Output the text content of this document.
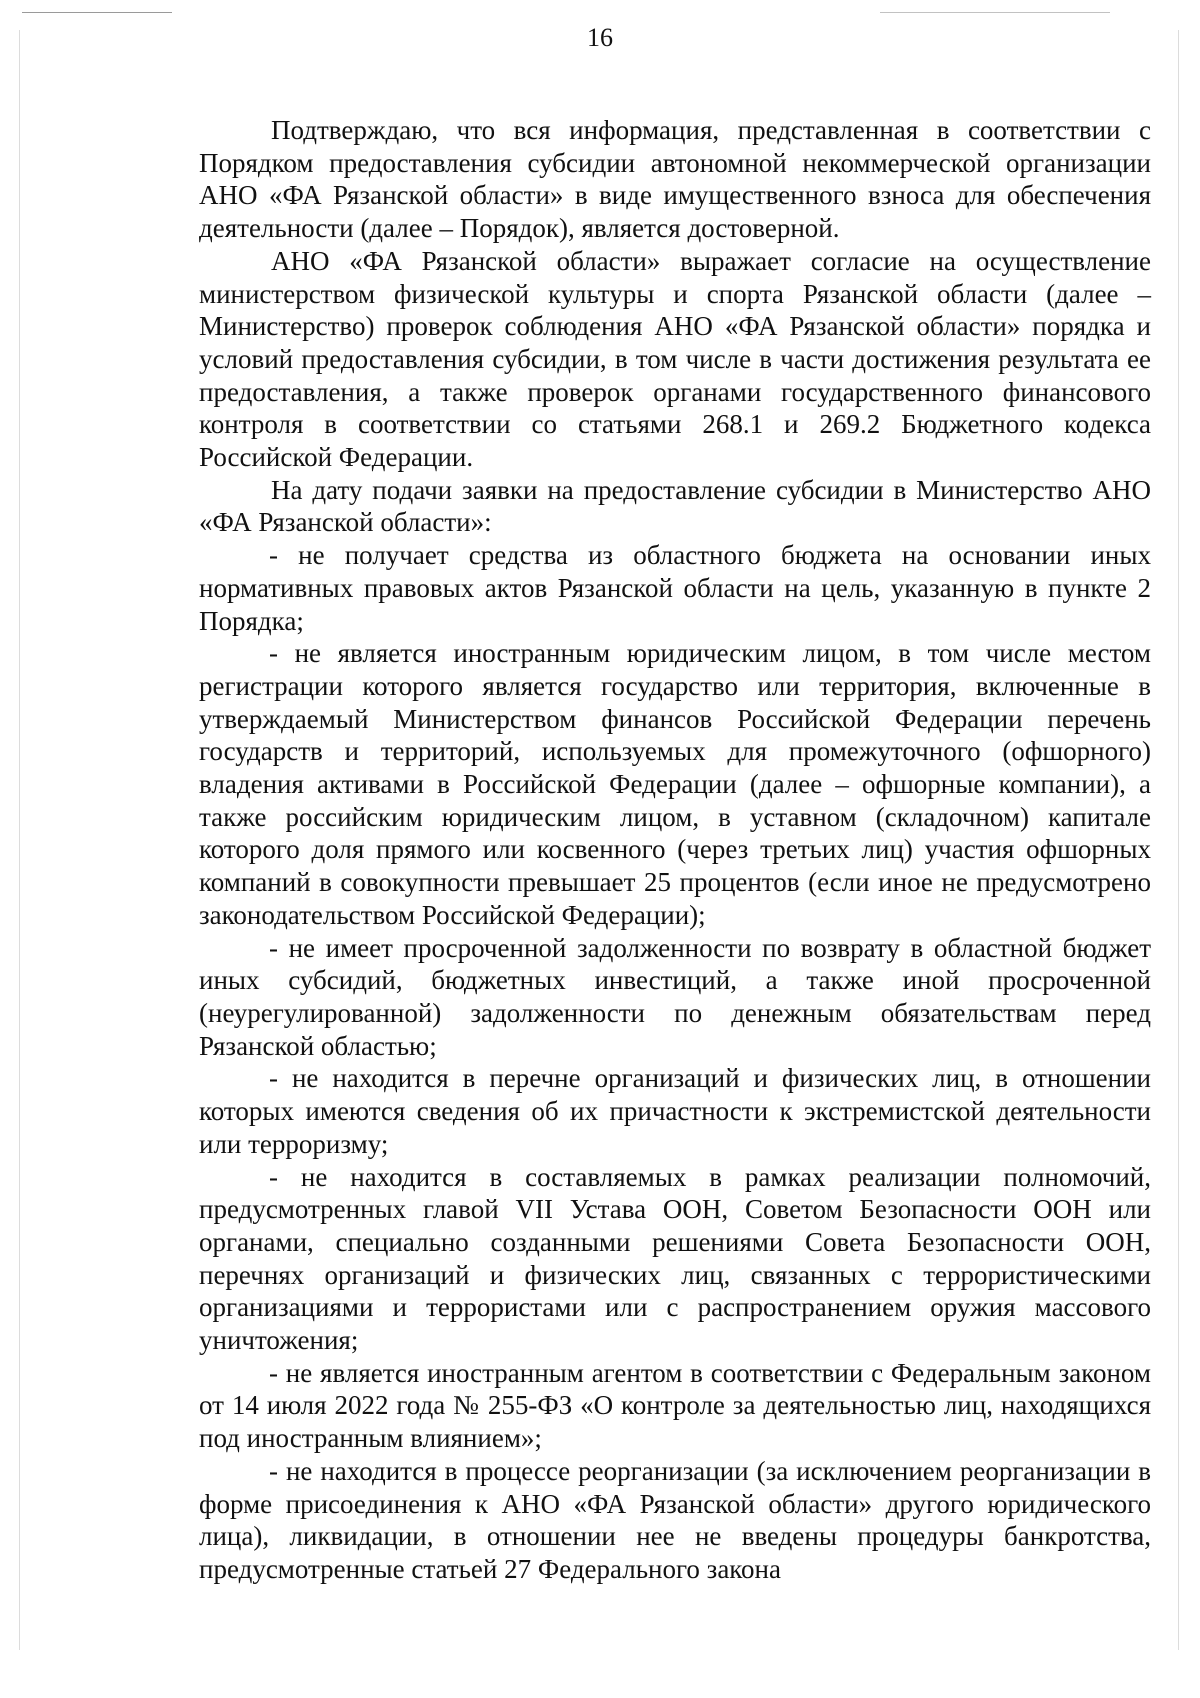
16

Подтверждаю, что вся информация, представленная в соответствии с Порядком предоставления субсидии автономной некоммерческой организации АНО «ФА Рязанской области» в виде имущественного взноса для обеспечения деятельности (далее – Порядок), является достоверной.

АНО «ФА Рязанской области» выражает согласие на осуществление министерством физической культуры и спорта Рязанской области (далее – Министерство) проверок соблюдения АНО «ФА Рязанской области» порядка и условий предоставления субсидии, в том числе в части достижения результата ее предоставления, а также проверок органами государственного финансового контроля в соответствии со статьями 268.1 и 269.2 Бюджетного кодекса Российской Федерации.

На дату подачи заявки на предоставление субсидии в Министерство АНО «ФА Рязанской области»:

- не получает средства из областного бюджета на основании иных нормативных правовых актов Рязанской области на цель, указанную в пункте 2 Порядка;

- не является иностранным юридическим лицом, в том числе местом регистрации которого является государство или территория, включенные в утверждаемый Министерством финансов Российской Федерации перечень государств и территорий, используемых для промежуточного (офшорного) владения активами в Российской Федерации (далее – офшорные компании), а также российским юридическим лицом, в уставном (складочном) капитале которого доля прямого или косвенного (через третьих лиц) участия офшорных компаний в совокупности превышает 25 процентов (если иное не предусмотрено законодательством Российской Федерации);

- не имеет просроченной задолженности по возврату в областной бюджет иных субсидий, бюджетных инвестиций, а также иной просроченной (неурегулированной) задолженности по денежным обязательствам перед Рязанской областью;

- не находится в перечне организаций и физических лиц, в отношении которых имеются сведения об их причастности к экстремистской деятельности или терроризму;

- не находится в составляемых в рамках реализации полномочий, предусмотренных главой VII Устава ООН, Советом Безопасности ООН или органами, специально созданными решениями Совета Безопасности ООН, перечнях организаций и физических лиц, связанных с террористическими организациями и террористами или с распространением оружия массового уничтожения;

- не является иностранным агентом в соответствии с Федеральным законом от 14 июля 2022 года № 255-ФЗ «О контроле за деятельностью лиц, находящихся под иностранным влиянием»;

- не находится в процессе реорганизации (за исключением реорганизации в форме присоединения к АНО «ФА Рязанской области» другого юридического лица), ликвидации, в отношении нее не введены процедуры банкротства, предусмотренные статьей 27 Федерального закона
